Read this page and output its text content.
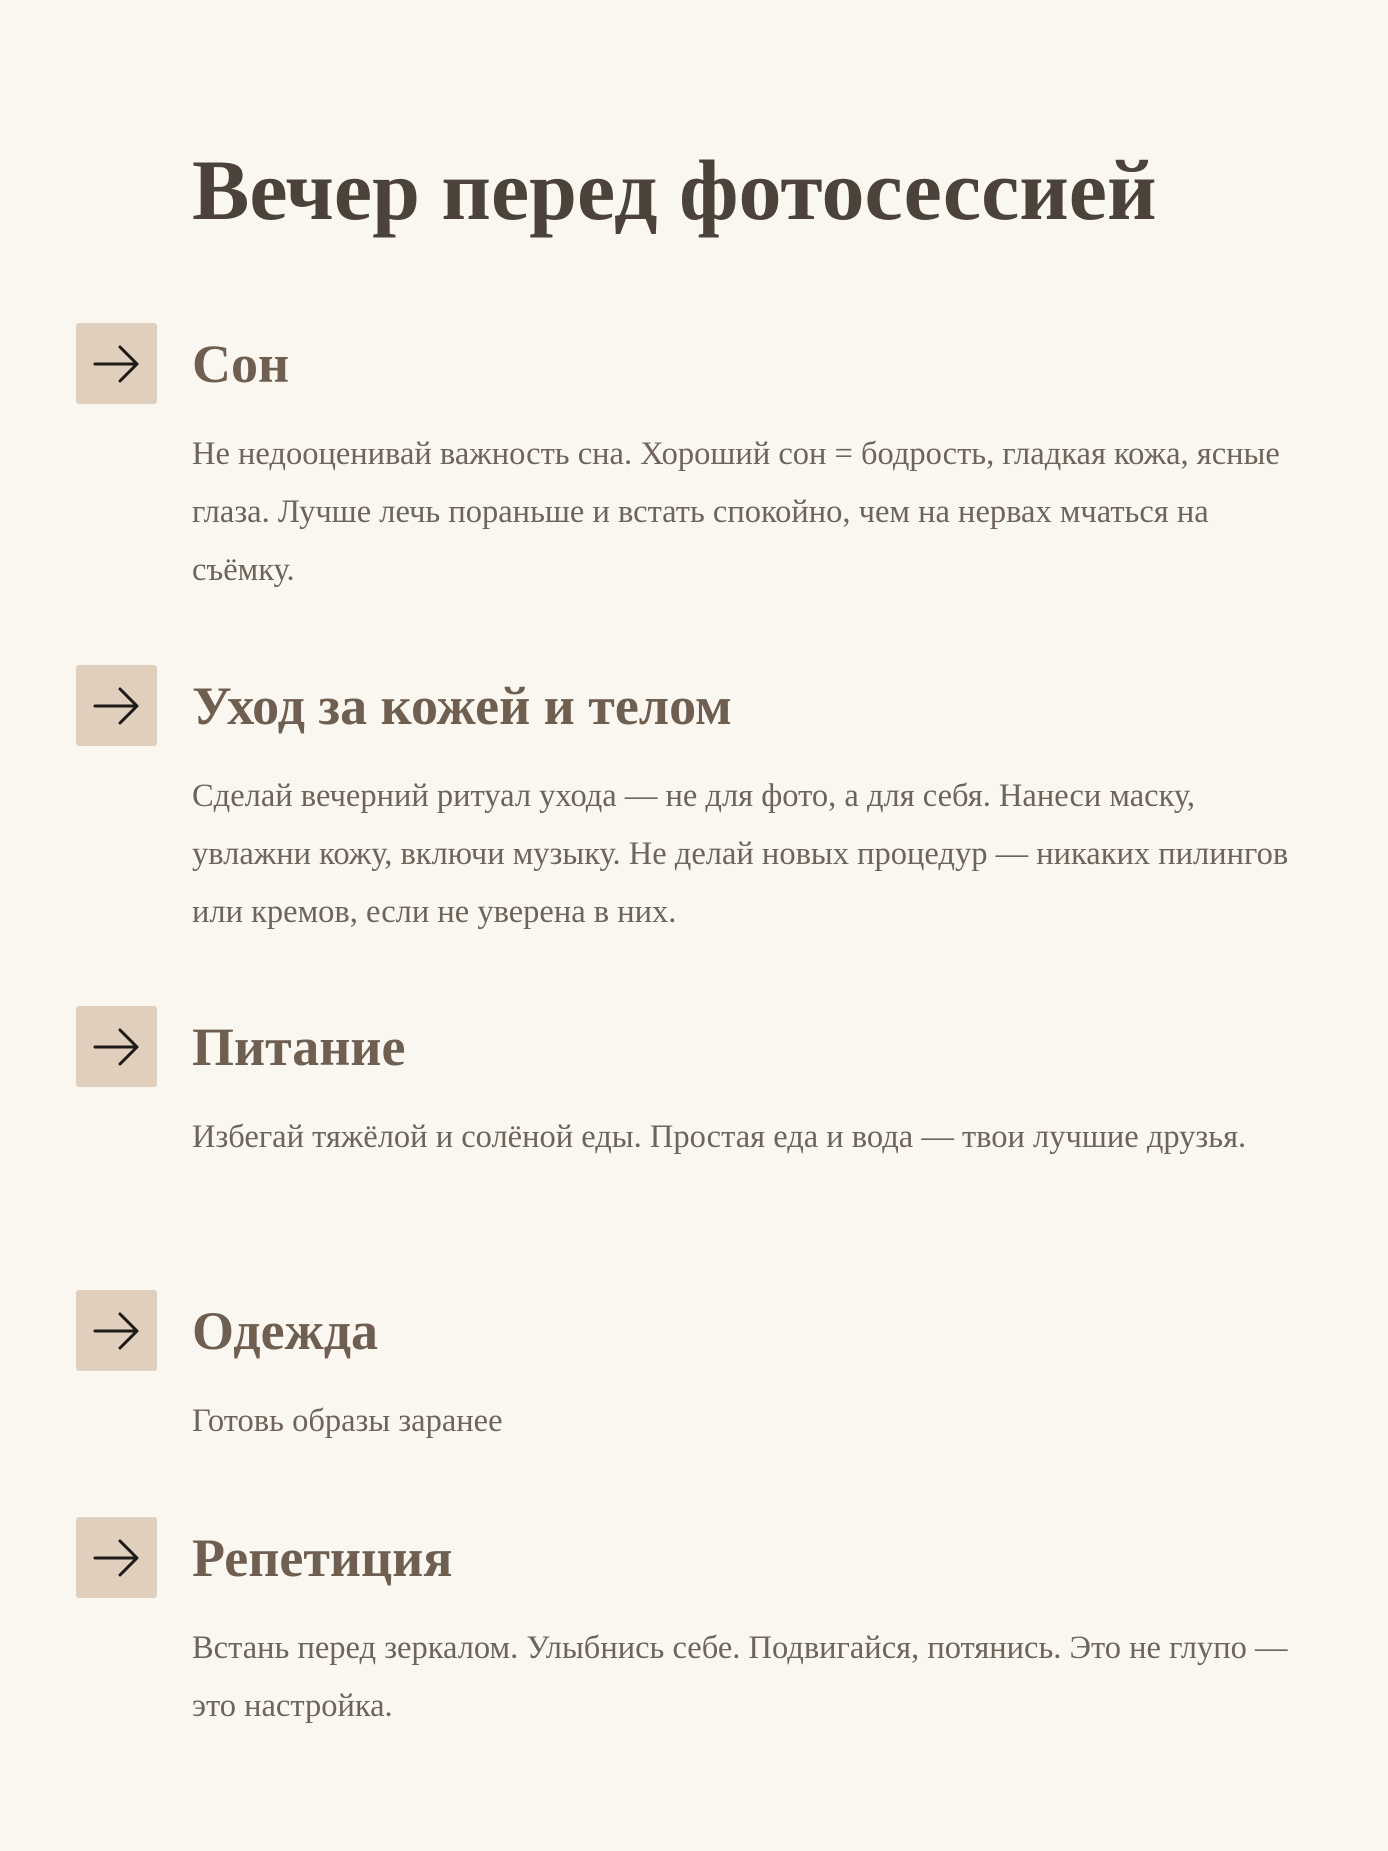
Вечер перед фотосессией
Сон

Не недооценивай важность сна. Хороший сон = бодрость, гладкая кожа, ясные глаза. Лучше лечь пораньше и встать спокойно, чем на нервах мчаться на съёмку.

Уход за кожей и телом

Сделай вечерний ритуал ухода — не для фото, а для себя. Нанеси маску, увлажни кожу, включи музыку. Не делай новых процедур — никаких пилингов или кремов, если не уверена в них.

Питание

Избегай тяжёлой и солёной еды. Простая еда и вода — твои лучшие друзья.

Одежда

Готовь образы заранее

Репетиция

Встань перед зеркалом. Улыбнись себе. Подвигайся, потянись. Это не глупо — это настройка.
